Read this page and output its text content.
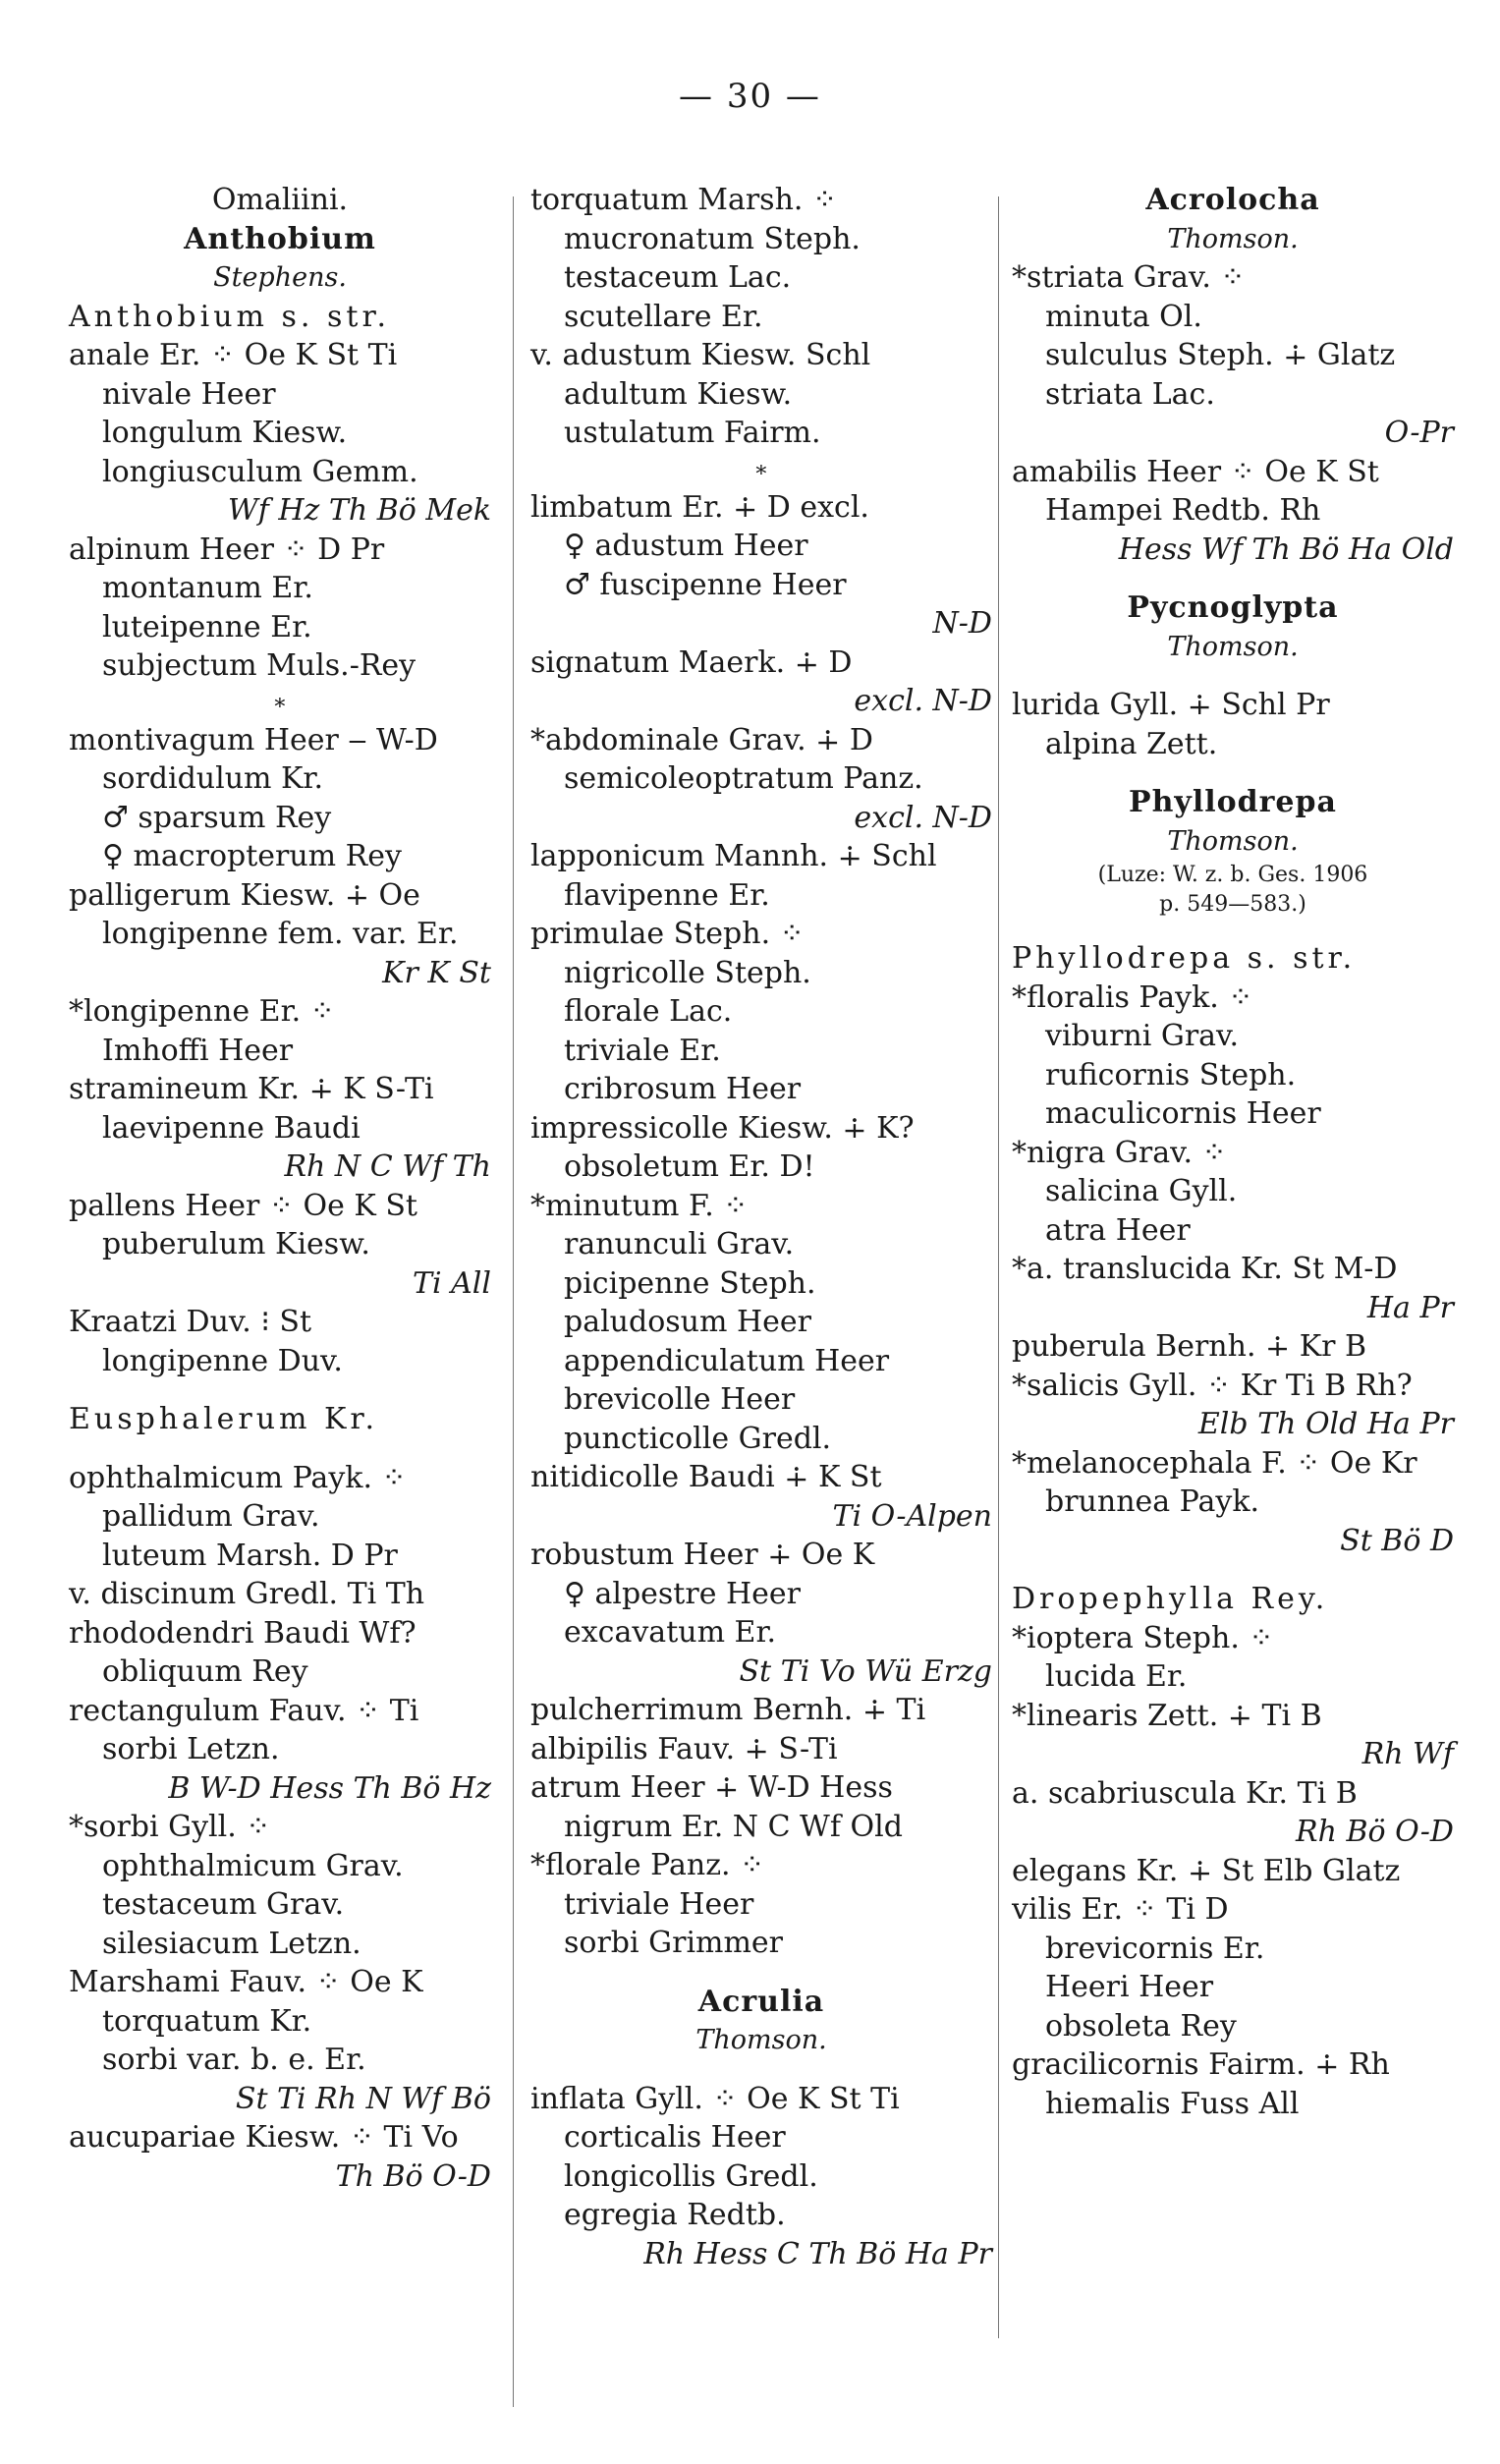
— 30 —
Omaliini.
Anthobium
Stephens.
Anthobium s. str.
anale Er. ⁘ Oe K St Ti
nivale Heer
longulum Kiesw.
longiusculum Gemm.
Wf Hz Th Bö Mek
alpinum Heer ⁘ D Pr
montanum Er.
luteipenne Er.
subjectum Muls.-Rey
∗
montivagum Heer ‒ W-D
sordidulum Kr.
♂ sparsum Rey
♀ macropterum Rey
palligerum Kiesw. ∔ Oe
longipenne fem. var. Er.
Kr K St
*longipenne Er. ⁘
Imhoffi Heer
stramineum Kr. ∔ K S-Ti
laevipenne Baudi
Rh N C Wf Th
pallens Heer ⁘ Oe K St
puberulum Kiesw.
Ti All
Kraatzi Duv. ⁝ St
longipenne Duv.
Eusphalerum Kr.
ophthalmicum Payk. ⁘
pallidum Grav.
luteum Marsh. D Pr
v. discinum Gredl. Ti Th
rhododendri Baudi Wf?
obliquum Rey
rectangulum Fauv. ⁘ Ti
sorbi Letzn.
B W-D Hess Th Bö Hz
*sorbi Gyll. ⁘
ophthalmicum Grav.
testaceum Grav.
silesiacum Letzn.
Marshami Fauv. ⁘ Oe K
torquatum Kr.
sorbi var. b. e. Er.
St Ti Rh N Wf Bö
aucupariae Kiesw. ⁘ Ti Vo
Th Bö O-D
torquatum Marsh. ⁘
mucronatum Steph.
testaceum Lac.
scutellare Er.
v. adustum Kiesw. Schl
adultum Kiesw.
ustulatum Fairm.
∗
limbatum Er. ∔ D excl.
♀ adustum Heer
♂ fuscipenne Heer
N-D
signatum Maerk. ∔ D
excl. N-D
*abdominale Grav. ∔ D
semicoleoptratum Panz.
excl. N-D
lapponicum Mannh. ∔ Schl
flavipenne Er.
primulae Steph. ⁘
nigricolle Steph.
florale Lac.
triviale Er.
cribrosum Heer
impressicolle Kiesw. ∔ K?
obsoletum Er. D!
*minutum F. ⁘
ranunculi Grav.
picipenne Steph.
paludosum Heer
appendiculatum Heer
brevicolle Heer
puncticolle Gredl.
nitidicolle Baudi ∔ K St
Ti O-Alpen
robustum Heer ∔ Oe K
♀ alpestre Heer
excavatum Er.
St Ti Vo Wü Erzg
pulcherrimum Bernh. ∔ Ti
albipilis Fauv. ∔ S-Ti
atrum Heer ∔ W-D Hess
nigrum Er. N C Wf Old
*florale Panz. ⁘
triviale Heer
sorbi Grimmer
Acrulia
Thomson.
inflata Gyll. ⁘ Oe K St Ti
corticalis Heer
longicollis Gredl.
egregia Redtb.
Rh Hess C Th Bö Ha Pr
Acrolocha
Thomson.
*striata Grav. ⁘
minuta Ol.
sulculus Steph. ∔ Glatz
striata Lac.
O-Pr
amabilis Heer ⁘ Oe K St
Hampei Redtb. Rh
Hess Wf Th Bö Ha Old
Pycnoglypta
Thomson.
lurida Gyll. ∔ Schl Pr
alpina Zett.
Phyllodrepa
Thomson.
(Luze: W. z. b. Ges. 1906
p. 549—583.)
Phyllodrepa s. str.
*floralis Payk. ⁘
viburni Grav.
ruficornis Steph.
maculicornis Heer
*nigra Grav. ⁘
salicina Gyll.
atra Heer
*a. translucida Kr. St M-D
Ha Pr
puberula Bernh. ∔ Kr B
*salicis Gyll. ⁘ Kr Ti B Rh?
Elb Th Old Ha Pr
*melanocephala F. ⁘ Oe Kr
brunnea Payk.
St Bö D
Dropephylla Rey.
*ioptera Steph. ⁘
lucida Er.
*linearis Zett. ∔ Ti B
Rh Wf
a. scabriuscula Kr. Ti B
Rh Bö O-D
elegans Kr. ∔ St Elb Glatz
vilis Er. ⁘ Ti D
brevicornis Er.
Heeri Heer
obsoleta Rey
gracilicornis Fairm. ∔ Rh
hiemalis Fuss All
